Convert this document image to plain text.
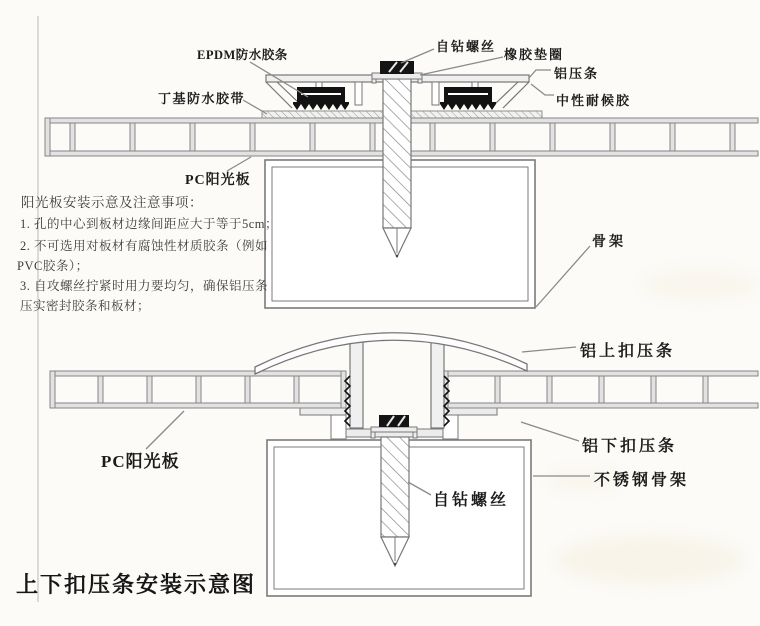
EPDM防水胶条
丁基防水胶带
自钻螺丝
橡胶垫圈
铝压条
中性耐候胶
PC阳光板
骨架
铝上扣压条
铝下扣压条
PC阳光板
自钻螺丝
不锈钢骨架
阳光板安装示意及注意事项：
1. 孔的中心到板材边缘间距应大于等于5cm；
2. 不可选用对板材有腐蚀性材质胶条（例如
PVC胶条）；
3. 自攻螺丝拧紧时用力要均匀，确保铝压条
压实密封胶条和板材；
上下扣压条安装示意图
